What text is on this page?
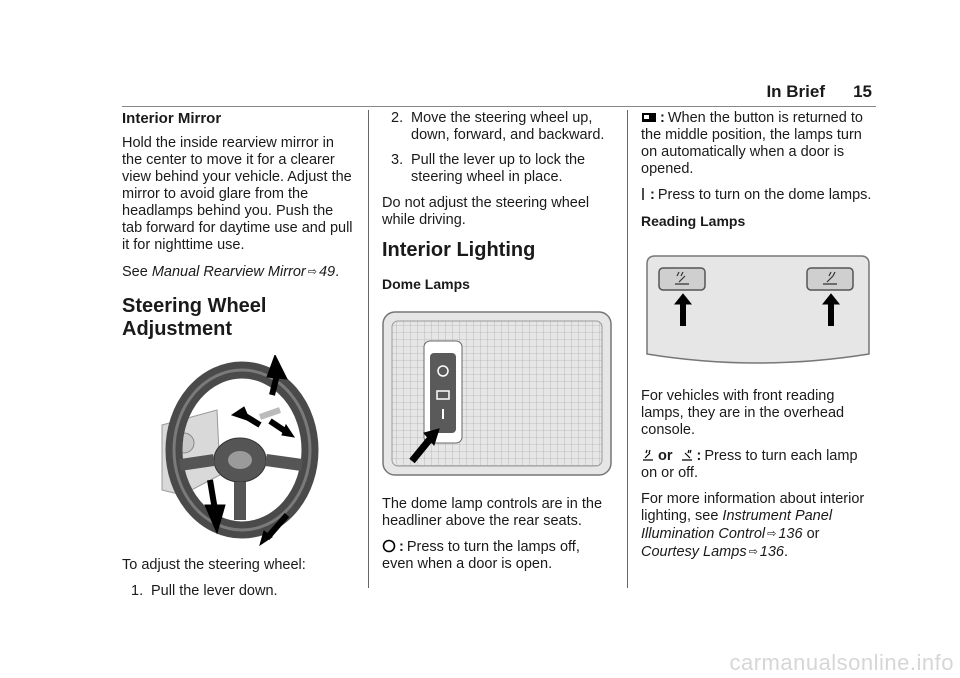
In Brief 15
Interior Mirror

Hold the inside rearview mirror in the center to move it for a clearer view behind your vehicle. Adjust the mirror to avoid glare from the headlamps behind you. Push the tab forward for daytime use and pull it for nighttime use.

See Manual Rearview Mirror ⇨ 49.

Steering Wheel Adjustment

To adjust the steering wheel:

1. Pull the lever down.
2. Move the steering wheel up, down, forward, and backward.
3. Pull the lever up to lock the steering wheel in place.

Do not adjust the steering wheel while driving.

Interior Lighting
Dome Lamps

The dome lamp controls are in the headliner above the rear seats.

: Press to turn the lamps off, even when a door is open.

: When the button is returned to the middle position, the lamps turn on automatically when a door is opened.

: Press to turn on the dome lamps.

Reading Lamps

For vehicles with front reading lamps, they are in the overhead console.

or : Press to turn each lamp on or off.

For more information about interior lighting, see Instrument Panel Illumination Control ⇨ 136 or Courtesy Lamps ⇨ 136.

carmanualsonline.info
